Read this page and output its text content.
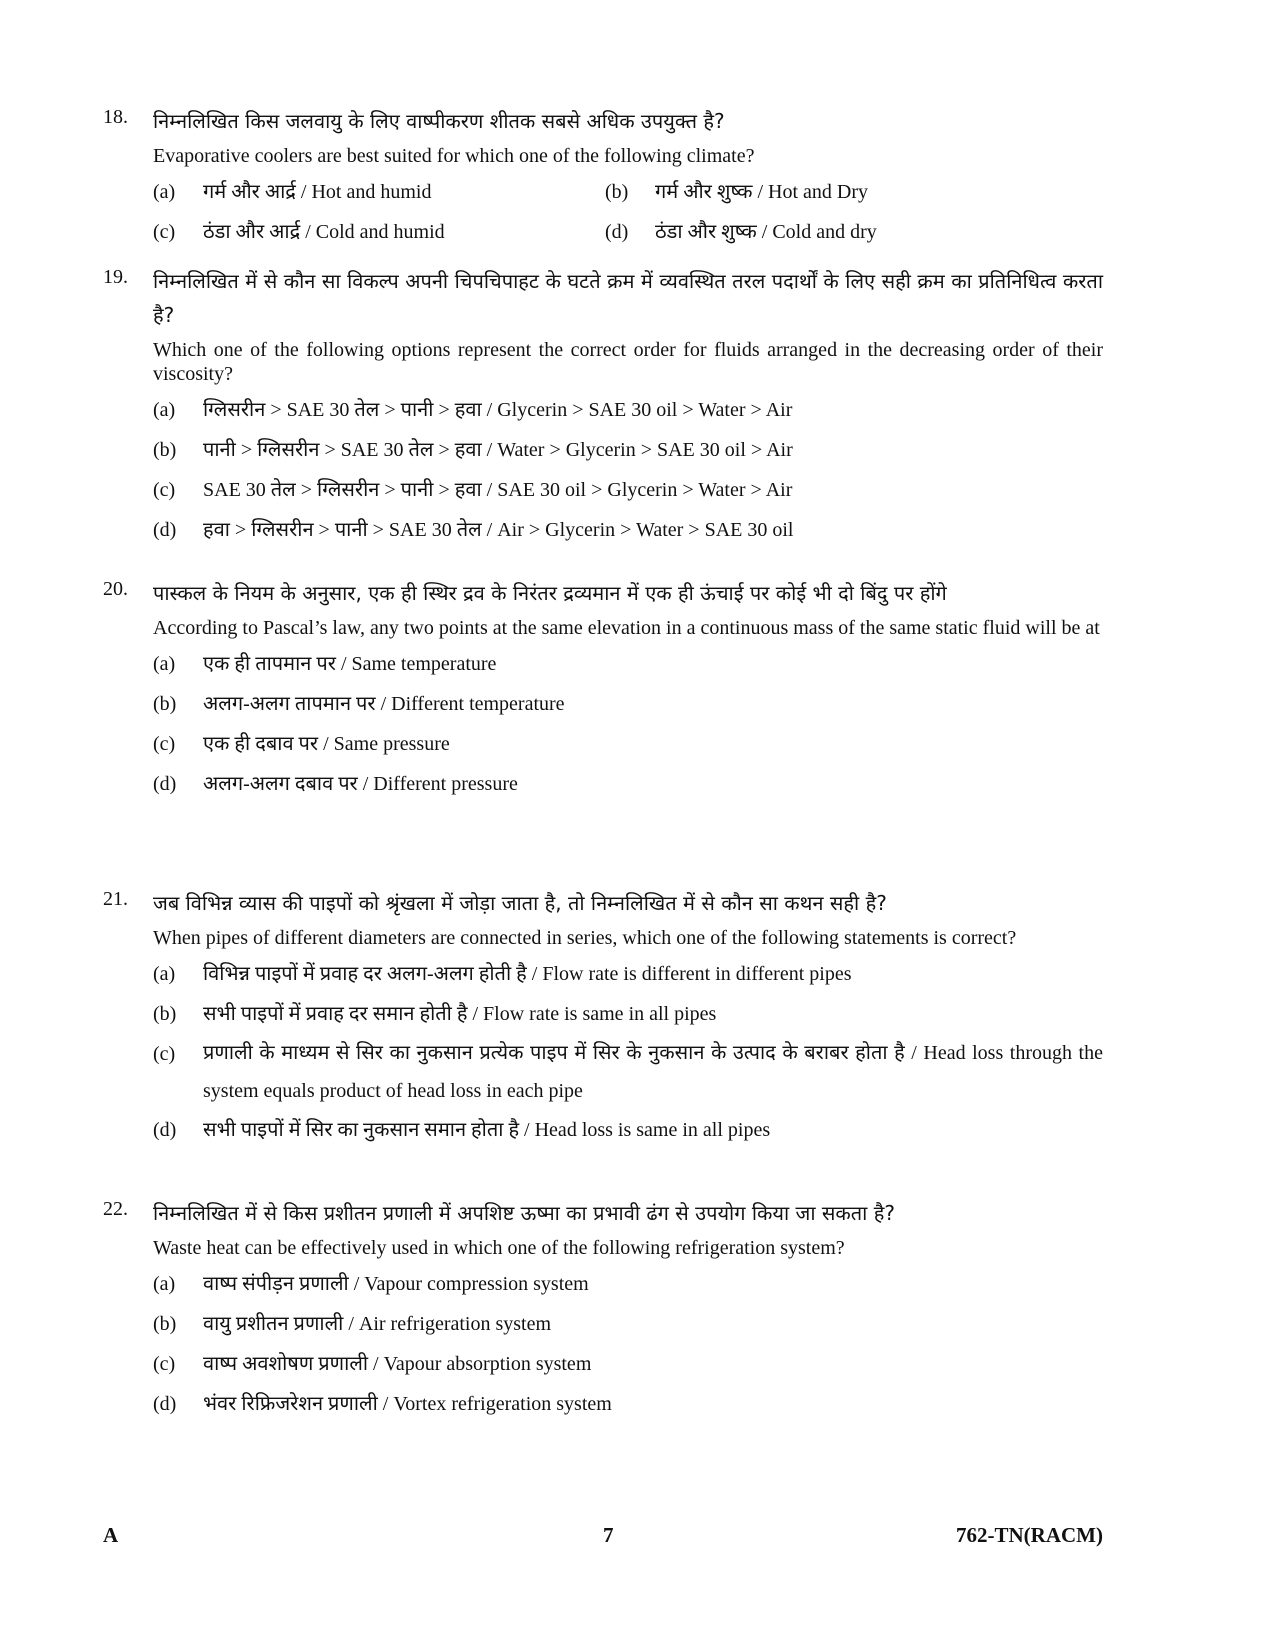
18. निम्नलिखित किस जलवायु के लिए वाष्पीकरण शीतक सबसे अधिक उपयुक्त है?
Evaporative coolers are best suited for which one of the following climate?
(a)	गर्म और आर्द्र / Hot and humid	(b)	गर्म और शुष्क / Hot and Dry
(c)	ठंडा और आर्द्र / Cold and humid	(d)	ठंडा और शुष्क / Cold and dry
19. निम्नलिखित में से कौन सा विकल्प अपनी चिपचिपाहट के घटते क्रम में व्यवस्थित तरल पदार्थों के लिए सही क्रम का प्रतिनिधित्व करता है?
Which one of the following options represent the correct order for fluids arranged in the decreasing order of their viscosity?
(a)	ग्लिसरीन > SAE 30 तेल > पानी > हवा / Glycerin > SAE 30 oil > Water > Air
(b)	पानी > ग्लिसरीन > SAE 30 तेल > हवा / Water > Glycerin > SAE 30 oil > Air
(c)	SAE 30 तेल > ग्लिसरीन > पानी > हवा / SAE 30 oil > Glycerin > Water > Air
(d)	हवा > ग्लिसरीन > पानी > SAE 30 तेल / Air > Glycerin > Water > SAE 30 oil
20. पास्कल के नियम के अनुसार, एक ही स्थिर द्रव के निरंतर द्रव्यमान में एक ही ऊंचाई पर कोई भी दो बिंदु पर होंगे
According to Pascal’s law, any two points at the same elevation in a continuous mass of the same static fluid will be at
(a)	एक ही तापमान पर / Same temperature
(b)	अलग-अलग तापमान पर / Different temperature
(c)	एक ही दबाव पर / Same pressure
(d)	अलग-अलग दबाव पर / Different pressure
21. जब विभिन्न व्यास की पाइपों को श्रृंखला में जोड़ा जाता है, तो निम्नलिखित में से कौन सा कथन सही है?
When pipes of different diameters are connected in series, which one of the following statements is correct?
(a)	विभिन्न पाइपों में प्रवाह दर अलग-अलग होती है / Flow rate is different in different pipes
(b)	सभी पाइपों में प्रवाह दर समान होती है / Flow rate is same in all pipes
(c)	प्रणाली के माध्यम से सिर का नुकसान प्रत्येक पाइप में सिर के नुकसान के उत्पाद के बराबर होता है / Head loss through the system equals product of head loss in each pipe
(d)	सभी पाइपों में सिर का नुकसान समान होता है / Head loss is same in all pipes
22. निम्नलिखित में से किस प्रशीतन प्रणाली में अपशिष्ट ऊष्मा का प्रभावी ढंग से उपयोग किया जा सकता है?
Waste heat can be effectively used in which one of the following refrigeration system?
(a)	वाष्प संपीड़न प्रणाली / Vapour compression system
(b)	वायु प्रशीतन प्रणाली / Air refrigeration system
(c)	वाष्प अवशोषण प्रणाली / Vapour absorption system
(d)	भंवर रिफ्रिजरेशन प्रणाली / Vortex refrigeration system
A	7	762-TN(RACM)
